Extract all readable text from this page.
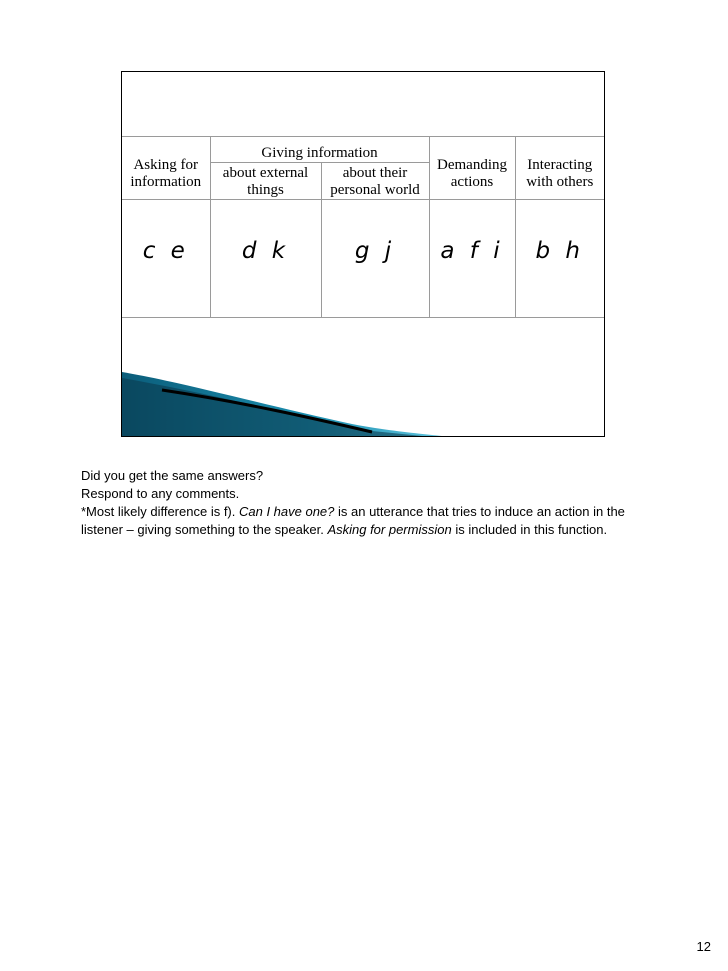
Asking for information	Giving information		Demanding actions	Interacting with others
	about external things	about their personal world		
c e	d k	g j	a f i	b h

Did you get the same answers?

Respond to any comments.

*Most likely difference is f). Can I have one? is an utterance that tries to induce an action in the listener – giving something to the speaker. Asking for permission is included in this function.

12
